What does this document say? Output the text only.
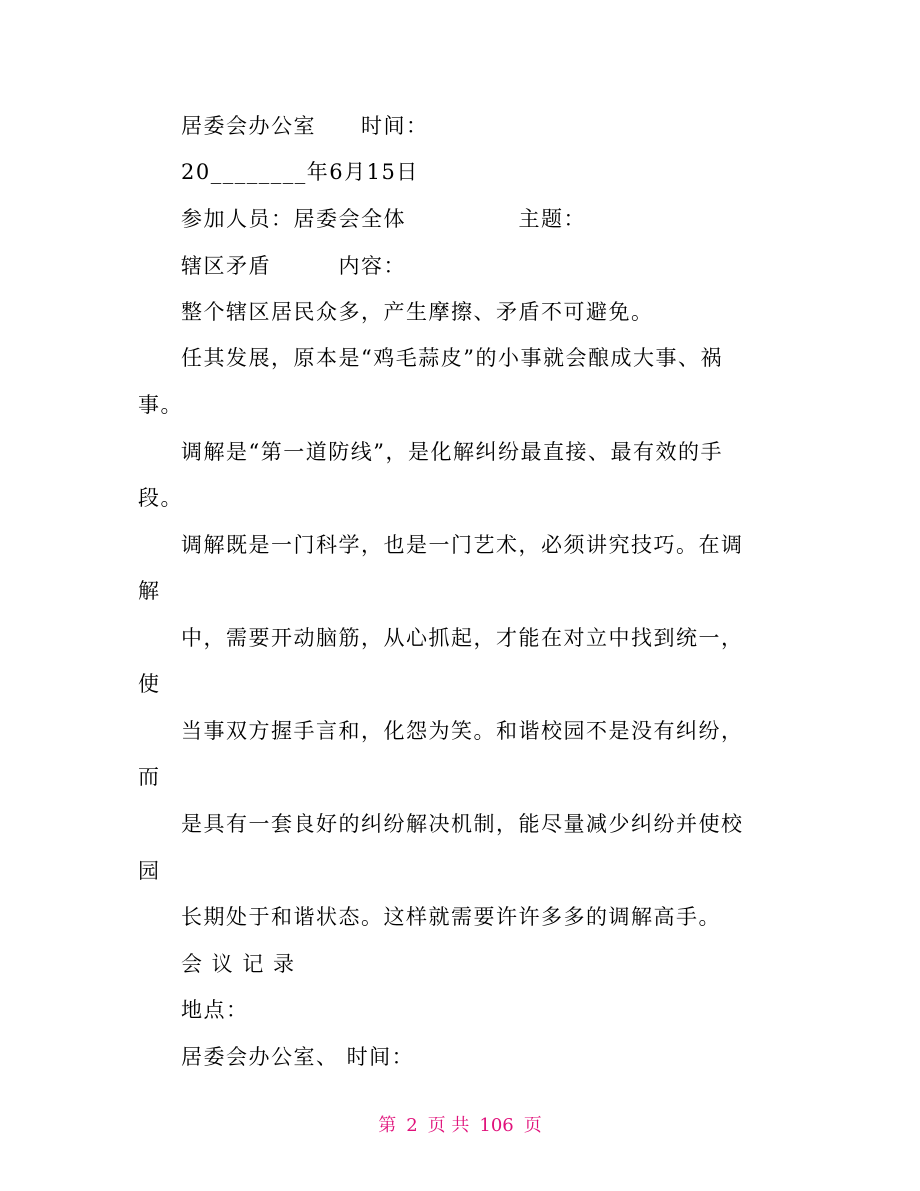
居委会办公室　　时间：
20________年6月15日
参加人员：居委会全体　　　　　主题：
辖区矛盾　　　内容：
整个辖区居民众多，产生摩擦、矛盾不可避免。
任其发展，原本是“鸡毛蒜皮”的小事就会酿成大事、祸
事。
调解是“第一道防线”，是化解纠纷最直接、最有效的手
段。
调解既是一门科学，也是一门艺术，必须讲究技巧。在调
解
中，需要开动脑筋，从心抓起，才能在对立中找到统一，
使
当事双方握手言和，化怨为笑。和谐校园不是没有纠纷，
而
是具有一套良好的纠纷解决机制，能尽量减少纠纷并使校
园
长期处于和谐状态。这样就需要许许多多的调解高手。
会 议 记 录
地点：
居委会办公室、 时间：
第 2 页 共 106 页
